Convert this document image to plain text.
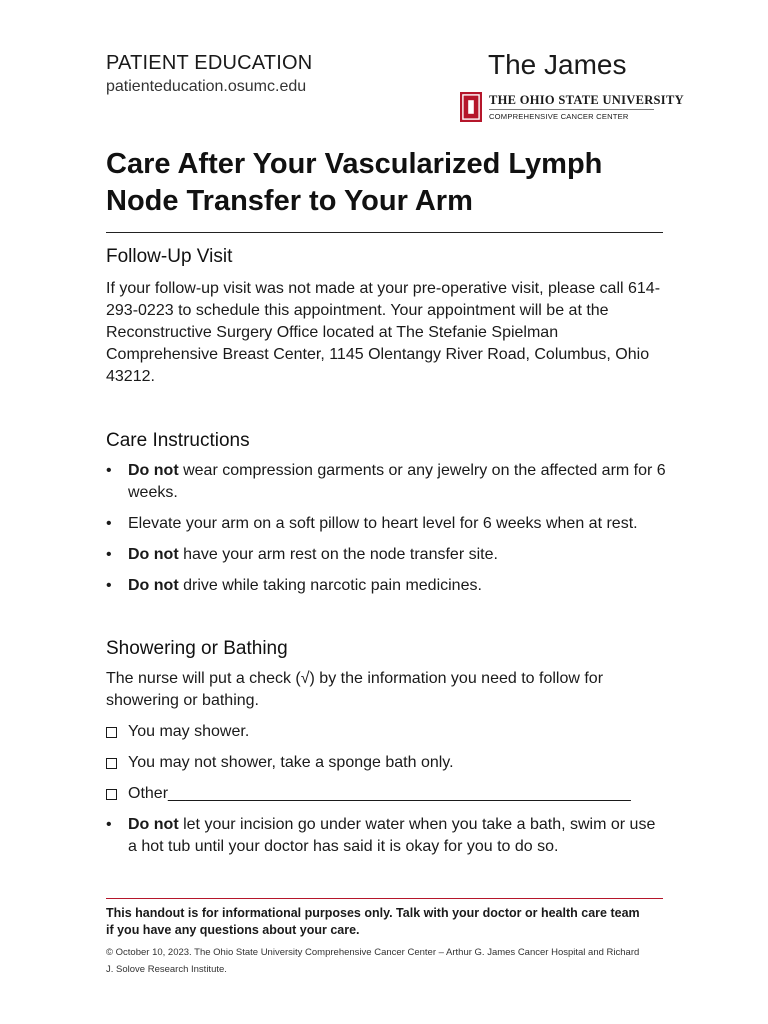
PATIENT EDUCATION
patienteducation.osumc.edu
The James
THE OHIO STATE UNIVERSITY
COMPREHENSIVE CANCER CENTER
Care After Your Vascularized Lymph Node Transfer to Your Arm
Follow-Up Visit

If your follow-up visit was not made at your pre-operative visit, please call 614-293-0223 to schedule this appointment. Your appointment will be at the Reconstructive Surgery Office located at The Stefanie Spielman Comprehensive Breast Center, 1145 Olentangy River Road, Columbus, Ohio 43212.

Care Instructions
• Do not wear compression garments or any jewelry on the affected arm for 6 weeks.
• Elevate your arm on a soft pillow to heart level for 6 weeks when at rest.
• Do not have your arm rest on the node transfer site.
• Do not drive while taking narcotic pain medicines.
Showering or Bathing

The nurse will put a check (√) by the information you need to follow for showering or bathing.

You may shower.
You may not shower, take a sponge bath only.
Other____________________________________________________
• Do not let your incision go under water when you take a bath, swim or use a hot tub until your doctor has said it is okay for you to do so.
This handout is for informational purposes only. Talk with your doctor or health care team if you have any questions about your care.
© October 10, 2023. The Ohio State University Comprehensive Cancer Center – Arthur G. James Cancer Hospital and Richard J. Solove Research Institute.
